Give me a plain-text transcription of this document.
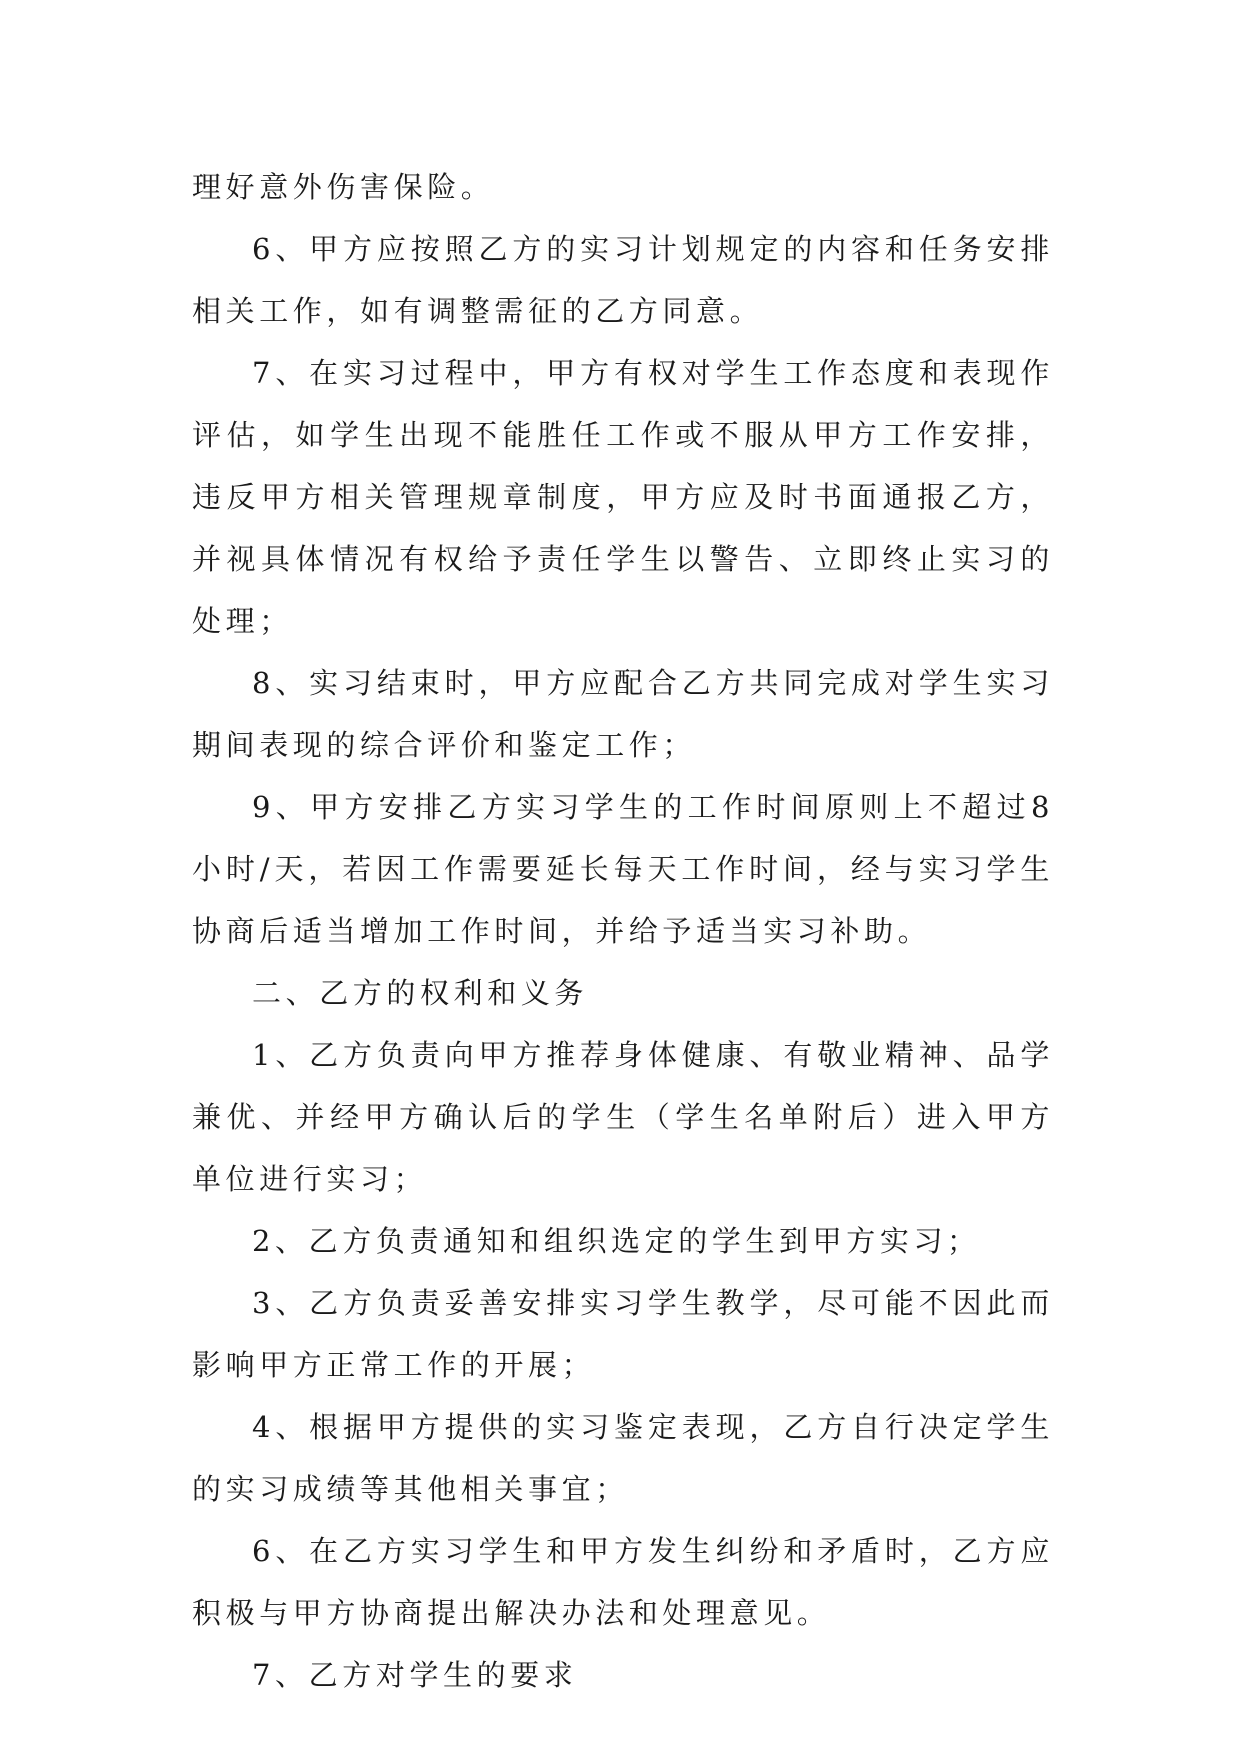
理好意外伤害保险。

6、甲方应按照乙方的实习计划规定的内容和任务安排相关工作，如有调整需征的乙方同意。

7、在实习过程中，甲方有权对学生工作态度和表现作评估，如学生出现不能胜任工作或不服从甲方工作安排，违反甲方相关管理规章制度，甲方应及时书面通报乙方，并视具体情况有权给予责任学生以警告、立即终止实习的处理；

8、实习结束时，甲方应配合乙方共同完成对学生实习期间表现的综合评价和鉴定工作；

9、甲方安排乙方实习学生的工作时间原则上不超过8小时/天，若因工作需要延长每天工作时间，经与实习学生协商后适当增加工作时间，并给予适当实习补助。

二、乙方的权利和义务

1、乙方负责向甲方推荐身体健康、有敬业精神、品学兼优、并经甲方确认后的学生（学生名单附后）进入甲方单位进行实习；

2、乙方负责通知和组织选定的学生到甲方实习；

3、乙方负责妥善安排实习学生教学，尽可能不因此而影响甲方正常工作的开展；

4、根据甲方提供的实习鉴定表现，乙方自行决定学生的实习成绩等其他相关事宜；

6、在乙方实习学生和甲方发生纠纷和矛盾时，乙方应积极与甲方协商提出解决办法和处理意见。

7、乙方对学生的要求
